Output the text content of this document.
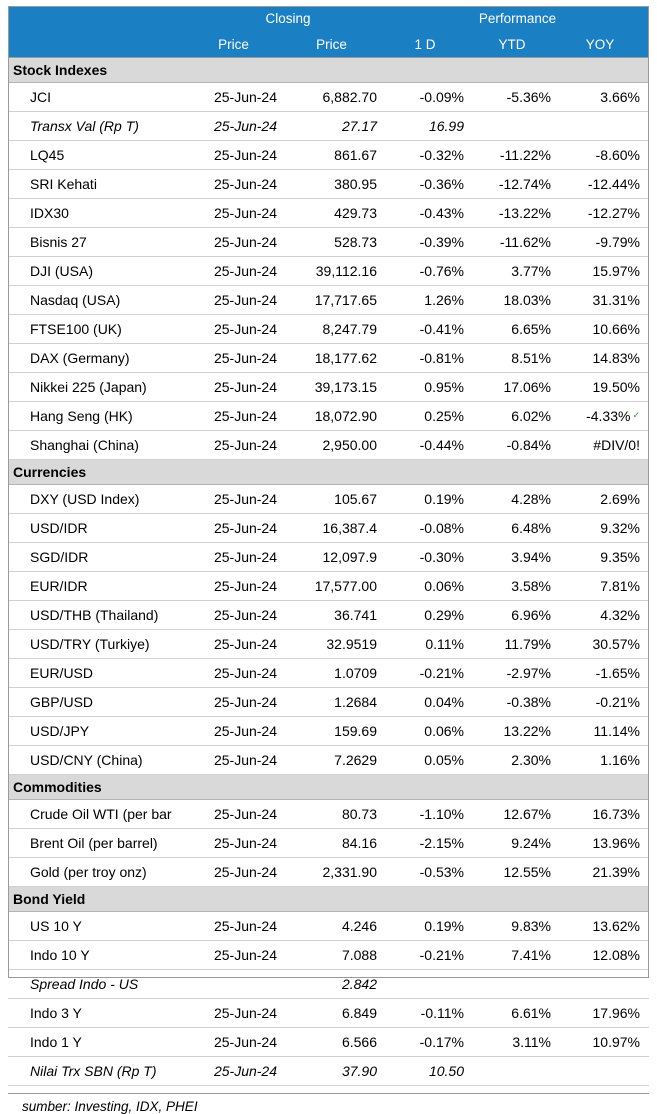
	Closing		Performance		
	Price	Price	1 D	YTD	YOY
Stock Indexes					
JCI	25-Jun-24	6,882.70	-0.09%	-5.36%	3.66%
Transx Val (Rp T)	25-Jun-24	27.17	16.99		
LQ45	25-Jun-24	861.67	-0.32%	-11.22%	-8.60%
SRI Kehati	25-Jun-24	380.95	-0.36%	-12.74%	-12.44%
IDX30	25-Jun-24	429.73	-0.43%	-13.22%	-12.27%
Bisnis 27	25-Jun-24	528.73	-0.39%	-11.62%	-9.79%
DJI (USA)	25-Jun-24	39,112.16	-0.76%	3.77%	15.97%
Nasdaq (USA)	25-Jun-24	17,717.65	1.26%	18.03%	31.31%
FTSE100 (UK)	25-Jun-24	8,247.79	-0.41%	6.65%	10.66%
DAX (Germany)	25-Jun-24	18,177.62	-0.81%	8.51%	14.83%
Nikkei 225 (Japan)	25-Jun-24	39,173.15	0.95%	17.06%	19.50%
Hang Seng (HK)	25-Jun-24	18,072.90	0.25%	6.02%	-4.33% ✓
Shanghai (China)	25-Jun-24	2,950.00	-0.44%	-0.84%	#DIV/0!
Currencies					
DXY (USD Index)	25-Jun-24	105.67	0.19%	4.28%	2.69%
USD/IDR	25-Jun-24	16,387.4	-0.08%	6.48%	9.32%
SGD/IDR	25-Jun-24	12,097.9	-0.30%	3.94%	9.35%
EUR/IDR	25-Jun-24	17,577.00	0.06%	3.58%	7.81%
USD/THB (Thailand)	25-Jun-24	36.741	0.29%	6.96%	4.32%
USD/TRY (Turkiye)	25-Jun-24	32.9519	0.11%	11.79%	30.57%
EUR/USD	25-Jun-24	1.0709	-0.21%	-2.97%	-1.65%
GBP/USD	25-Jun-24	1.2684	0.04%	-0.38%	-0.21%
USD/JPY	25-Jun-24	159.69	0.06%	13.22%	11.14%
USD/CNY (China)	25-Jun-24	7.2629	0.05%	2.30%	1.16%
Commodities					
Crude Oil WTI (per bar	25-Jun-24	80.73	-1.10%	12.67%	16.73%
Brent Oil (per barrel)	25-Jun-24	84.16	-2.15%	9.24%	13.96%
Gold (per troy onz)	25-Jun-24	2,331.90	-0.53%	12.55%	21.39%
Bond Yield					
US 10 Y	25-Jun-24	4.246	0.19%	9.83%	13.62%
Indo 10 Y	25-Jun-24	7.088	-0.21%	7.41%	12.08%
Spread Indo - US		2.842			
Indo 3 Y	25-Jun-24	6.849	-0.11%	6.61%	17.96%
Indo 1 Y	25-Jun-24	6.566	-0.17%	3.11%	10.97%
Nilai Trx SBN (Rp T)	25-Jun-24	37.90	10.50		
sumber: Investing, IDX, PHEI
